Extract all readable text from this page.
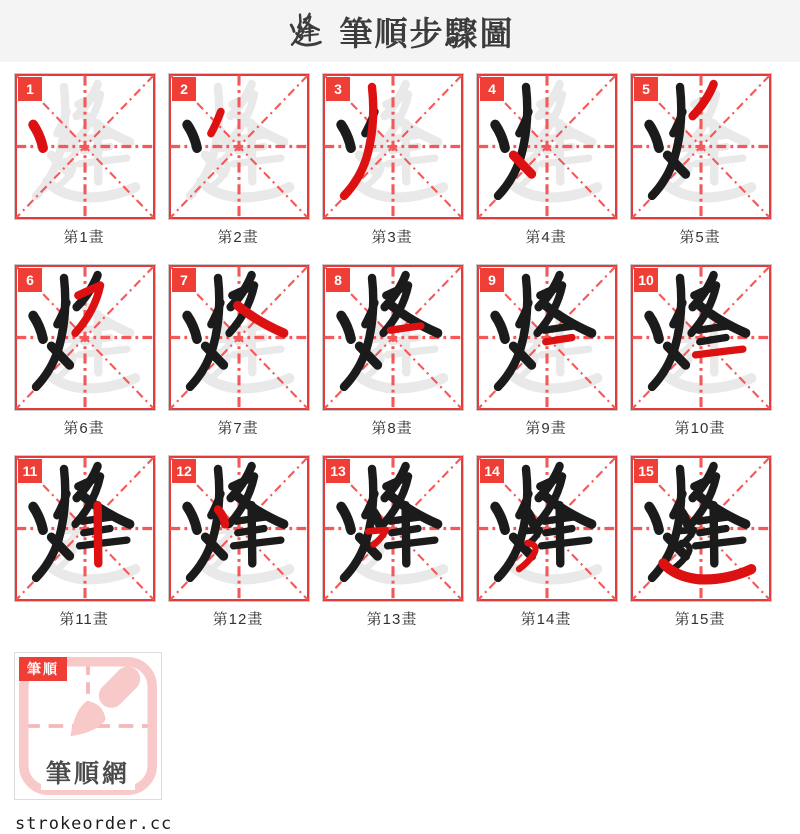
筆順步驟圖
1
第1畫
2
第2畫
3
第3畫
4
第4畫
5
第5畫
6
第6畫
7
第7畫
8
第8畫
9
第9畫
10
第10畫
11
第11畫
12
第12畫
13
第13畫
14
第14畫
15
第15畫
筆順
筆順網
strokeorder.cc
